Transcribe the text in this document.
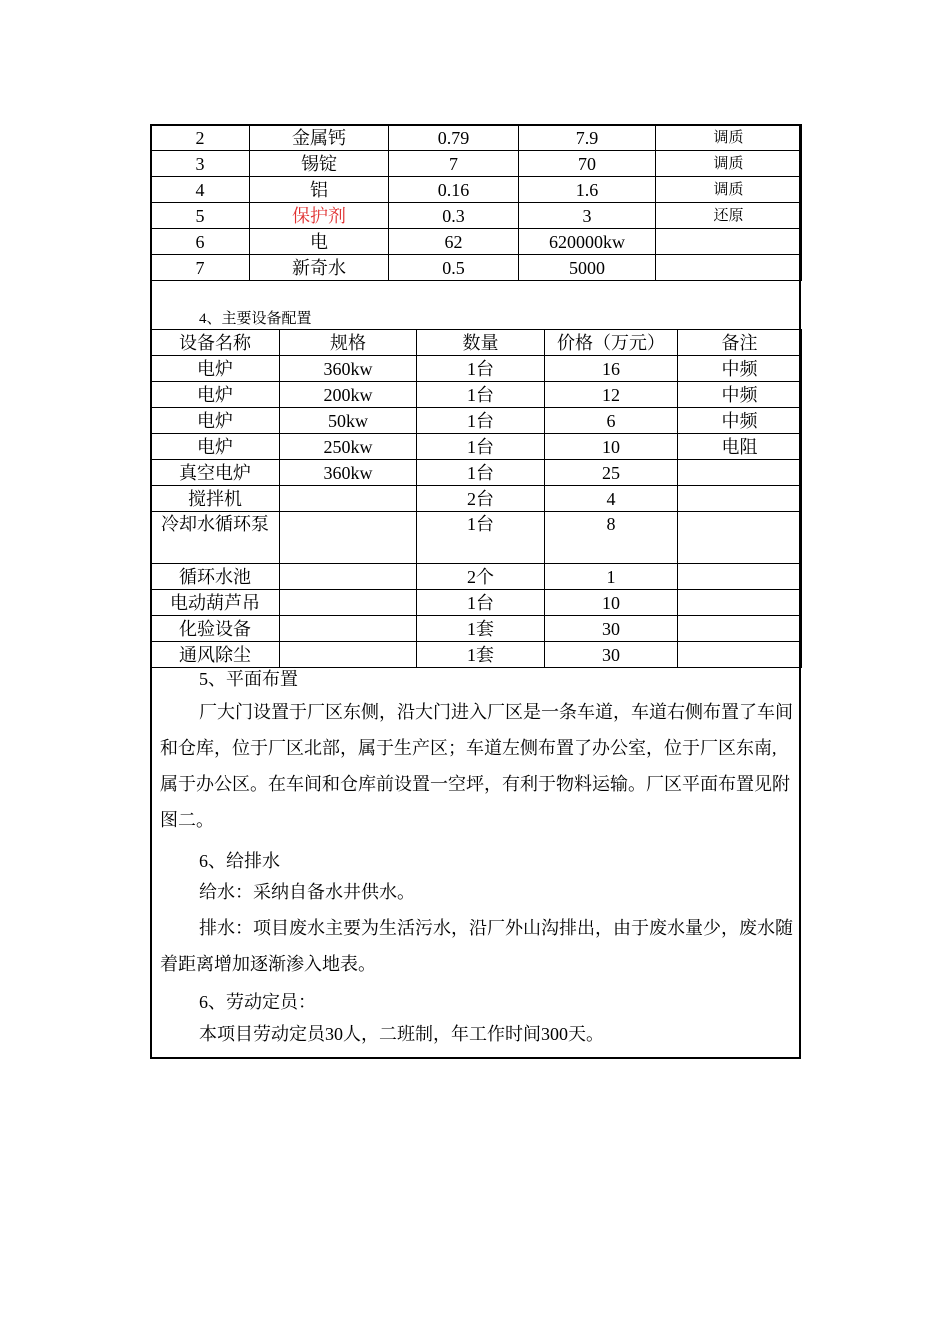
2	金属钙	0.79	7.9	调质
3	锡锭	7	70	调质
4	铝	0.16	1.6	调质
5	保护剂	0.3	3	还原
6	电	62	620000kw	
7	新奇水	0.5	5000	
4、主要设备配置
设备名称	规格	数量	价格（万元）	备注
电炉	360kw	1台	16	中频
电炉	200kw	1台	12	中频
电炉	50kw	1台	6	中频
电炉	250kw	1台	10	电阻
真空电炉	360kw	1台	25	
搅拌机		2台	4	
冷却水循环泵		1台	8	
循环水池		2个	1	
电动葫芦吊		1台	10	
化验设备		1套	30	
通风除尘		1套	30	
5、平面布置

厂大门设置于厂区东侧，沿大门进入厂区是一条车道，车道右侧布置了车间和仓库，位于厂区北部，属于生产区；车道左侧布置了办公室，位于厂区东南,属于办公区。在车间和仓库前设置一空坪，有利于物料运输。厂区平面布置见附图二。

6、给排水

给水：采纳自备水井供水。

排水：项目废水主要为生活污水，沿厂外山沟排出，由于废水量少，废水随着距离增加逐渐渗入地表。

6、劳动定员：

本项目劳动定员30人，二班制，年工作时间300天。
